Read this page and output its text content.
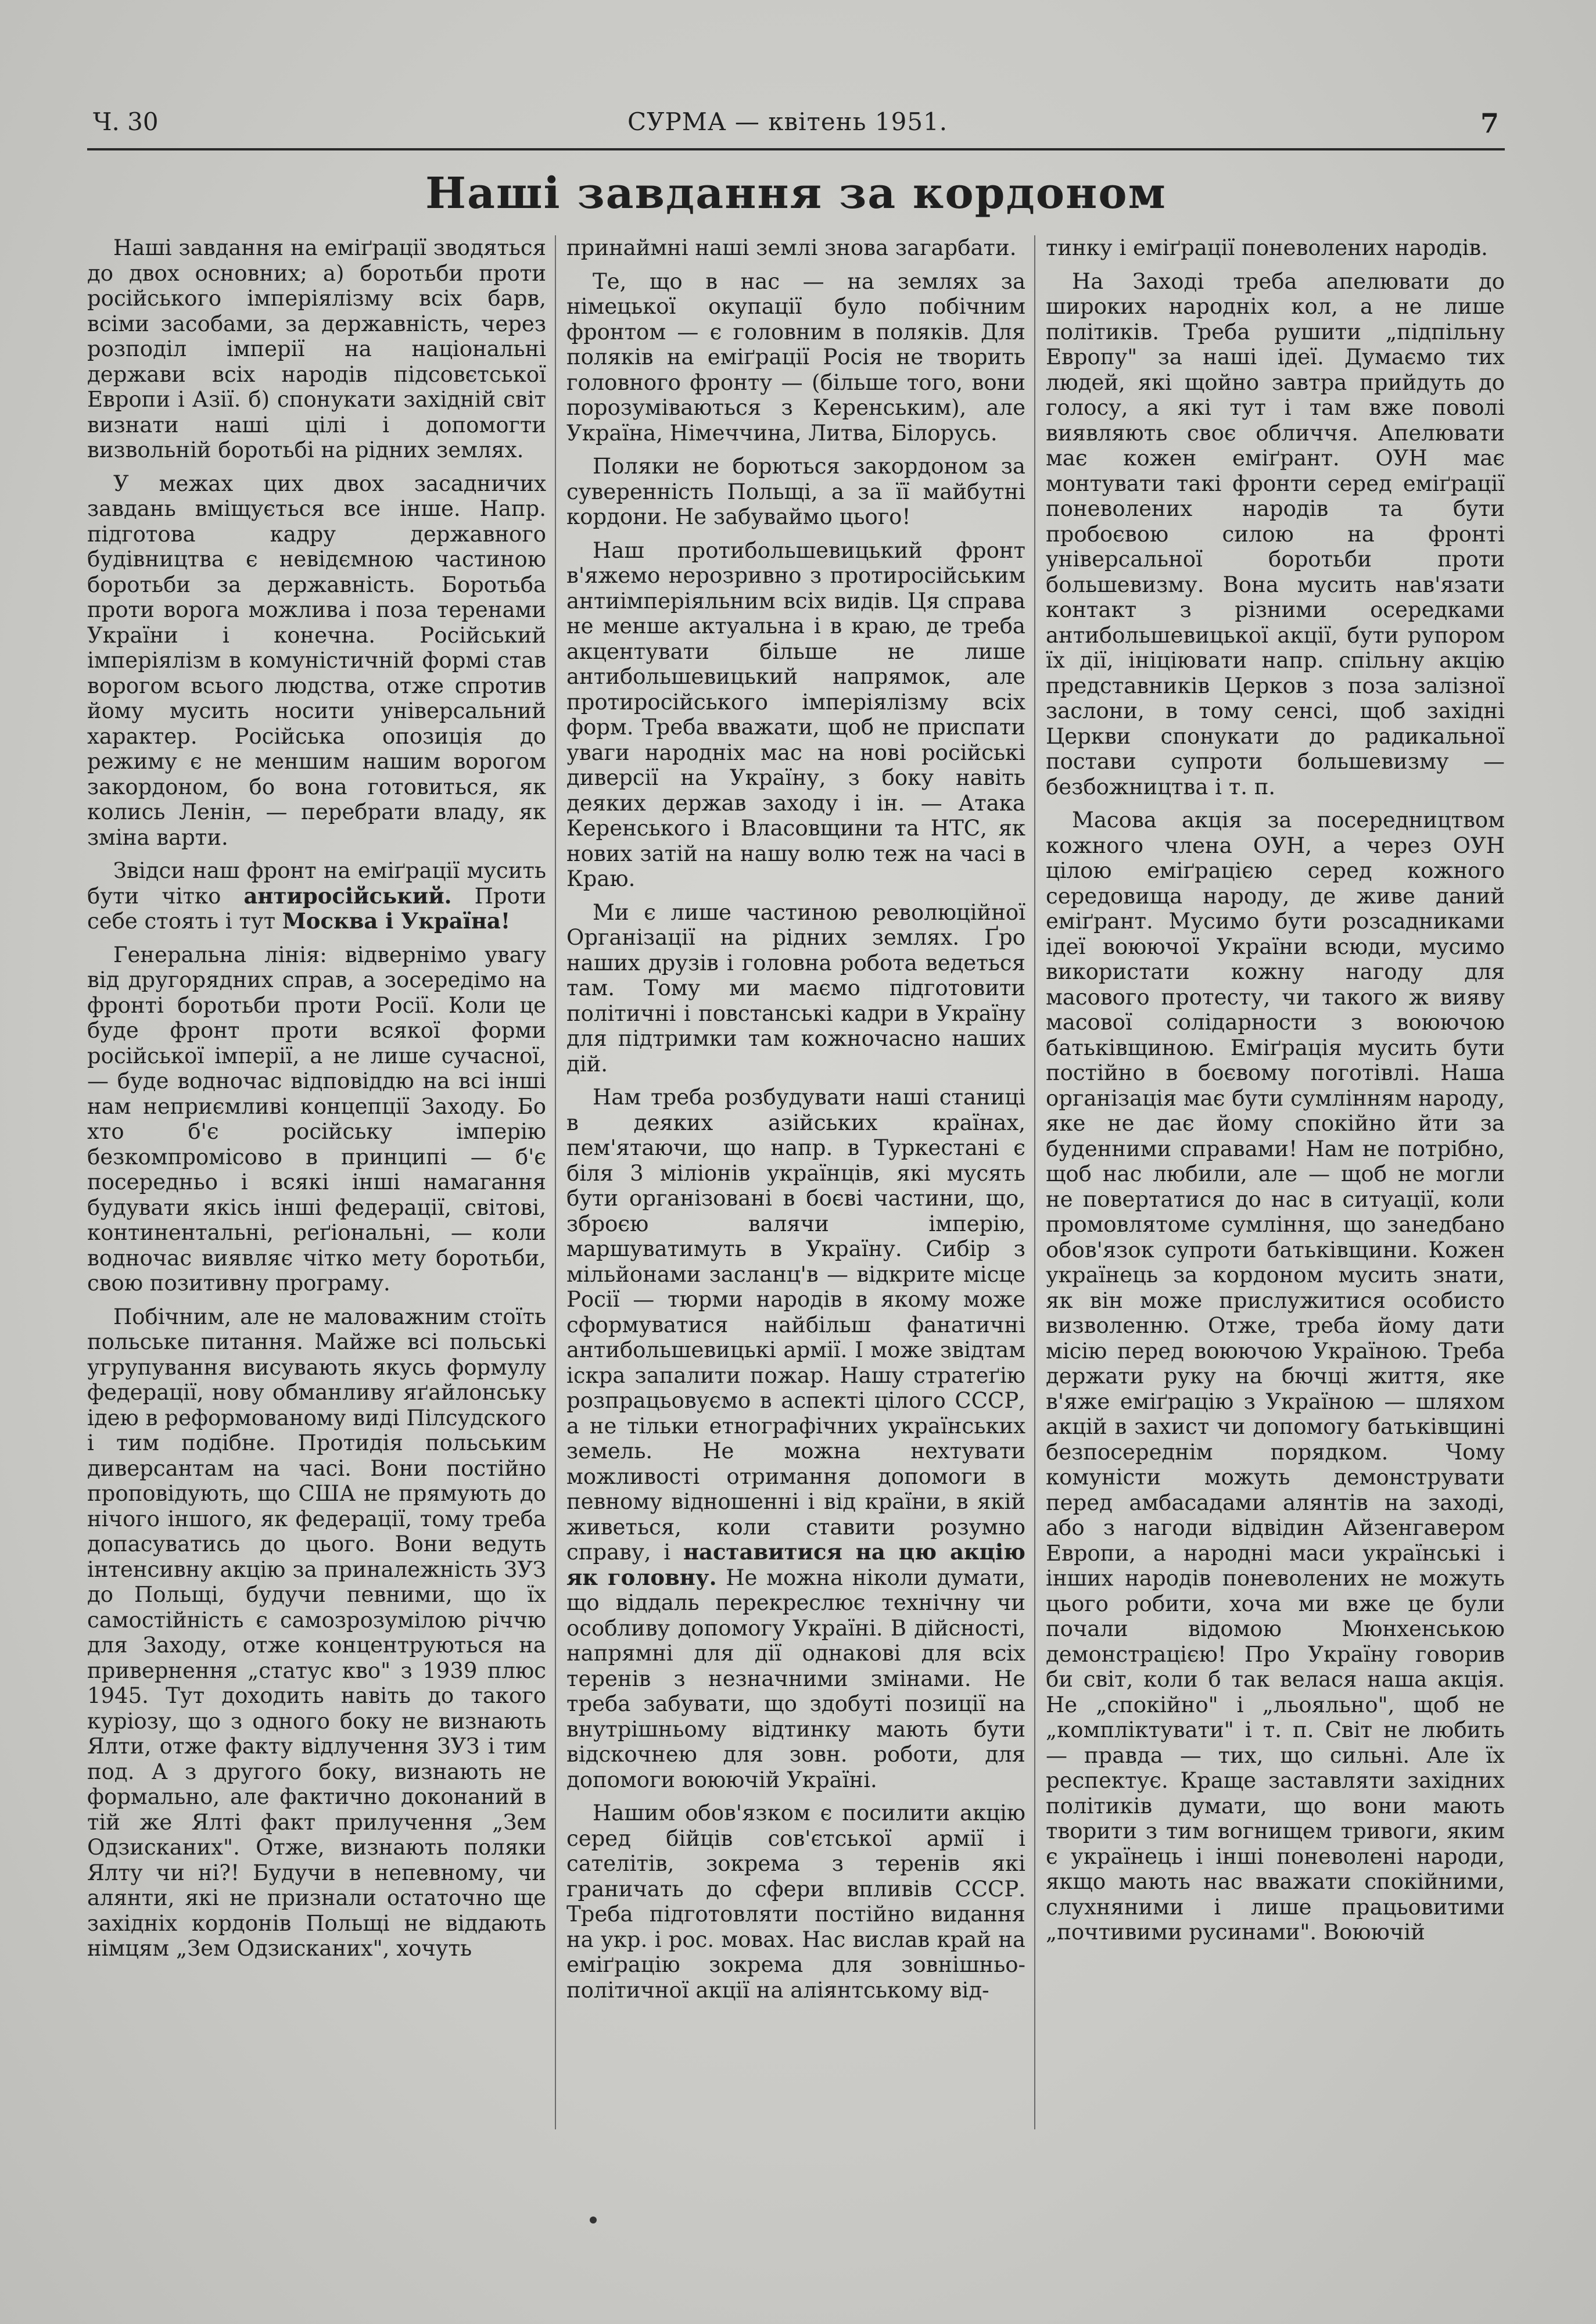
Ч. 30	СУРМА — квітень 1951.	7
Наші завдання за кордоном

Наші завдання на еміґрації зводяться до двох основних; а) боротьби проти російського імперіялізму всіх барв, всіми засобами, за державність, через розподіл імперії на національні держави всіх народів підсовєтської Европи і Азії. б) спонукати західній світ визнати наші цілі і допомогти визвольній боротьбі на рідних землях.

У межах цих двох засадничих завдань вміщується все інше. Напр. підготова кадру державного будівництва є невідємною частиною боротьби за державність. Боротьба проти ворога можлива і поза теренами України і конечна. Російський імперіялізм в комуністичній формі став ворогом всього людства, отже спротив йому мусить носити універсальний характер. Російська опозиція до режиму є не меншим нашим ворогом закордоном, бо вона готовиться, як колись Ленін, — перебрати владу, як зміна варти.

Звідси наш фронт на еміґрації мусить бути чітко антиросійський. Проти себе стоять і тут Москва і Україна!

Генеральна лінія: відвернімо увагу від другорядних справ, а зосередімо на фронті боротьби проти Росії. Коли це буде фронт проти всякої форми російської імперії, а не лише сучасної, — буде водночас відповіддю на всі інші нам неприємливі концепції Заходу. Бо хто б'є російську імперію безкомпромісово в принципі — б'є посередньо і всякі інші намагання будувати якісь інші федерації, світові, континентальні, реґіональні, — коли водночас виявляє чітко мету боротьби, свою позитивну програму.

Побічним, але не маловажним стоїть польське питання. Майже всі польські угрупування висувають якусь формулу федерації, нову обманливу яґайлонську ідею в реформованому виді Пілсудского і тим подібне. Протидія польським диверсантам на часі. Вони постійно проповідують, що США не прямують до нічого іншого, як федерації, тому треба допасуватись до цього. Вони ведуть інтенсивну акцію за приналежність ЗУЗ до Польщі, будучи певними, що їх самостійність є самозрозумілою річчю для Заходу, отже концентруються на привернення „статус кво" з 1939 плюс 1945. Тут доходить навіть до такого куріозу, що з одного боку не визнають Ялти, отже факту відлучення ЗУЗ і тим под. А з другого боку, визнають не формально, але фактично доконаний в тій же Ялті факт прилучення „Зем Одзисканих". Отже, визнають поляки Ялту чи ні?! Будучи в непевному, чи алянти, які не признали остаточно ще західніх кордонів Польщі не віддають німцям „Зем Одзисканих", хочуть

принаймні наші землі знова загарбати.

Те, що в нас — на землях за німецької окупації було побічним фронтом — є головним в поляків. Для поляків на еміґрації Росія не творить головного фронту — (більше того, вони порозуміваються з Керенським), але Україна, Німеччина, Литва, Білорусь.

Поляки не борються закордоном за суверенність Польщі, а за її майбутні кордони. Не забуваймо цього!

Наш протибольшевицький фронт в'яжемо нерозривно з протиросійським антиімперіяльним всіх видів. Ця справа не менше актуальна і в краю, де треба акцентувати більше не лише антибольшевицький напрямок, але протиросійського імперіялізму всіх форм. Треба вважати, щоб не приспати уваги народніх мас на нові російські диверсії на Україну, з боку навіть деяких держав заходу і ін. — Атака Керенського і Власовщини та НТС, як нових затій на нашу волю теж на часі в Краю.

Ми є лише частиною революційної Організації на рідних землях. Ґро наших друзів і головна робота ведеться там. Тому ми маємо підготовити політичні і повстанські кадри в Україну для підтримки там кожночасно наших дій.

Нам треба розбудувати наші станиці в деяких азійських країнах, пем'ятаючи, що напр. в Туркестані є біля 3 міліонів українців, які мусять бути організовані в боєві частини, що, зброєю валячи імперію, маршуватимуть в Україну. Сибір з мільйонами засланц'в — відкрите місце Росії — тюрми народів в якому може сформуватися найбільш фанатичні антибольшевицькі армії. І може звідтам іскра запалити пожар. Нашу стратеґію розпрацьовуємо в аспекті цілого СССР, а не тільки етнографічних українських земель. Не можна нехтувати можливості отримання допомоги в певному відношенні і від країни, в якій живеться, коли ставити розумно справу, і наставитися на цю акцію як головну. Не можна ніколи думати, що віддаль перекреслює технічну чи особливу допомогу Україні. В дійсності, напрямні для дії однакові для всіх теренів з незначними змінами. Не треба забувати, що здобуті позиції на внутрішньому відтинку мають бути відскочнею для зовн. роботи, для допомоги воюючій Україні.

Нашим обов'язком є посилити акцію серед бійців сов'єтської армії і сателітів, зокрема з теренів які граничать до сфери впливів СССР. Треба підготовляти постійно видання на укр. і рос. мовах. Нас вислав край на еміґрацію зокрема для зовнішньо-політичної акції на аліянтському від-

тинку і еміґрації поневолених народів.

На Заході треба апелювати до широких народніх кол, а не лише політиків. Треба рушити „підпільну Европу" за наші ідеї. Думаємо тих людей, які щойно завтра прийдуть до голосу, а які тут і там вже поволі виявляють своє обличчя. Апелювати має кожен еміґрант. ОУН має монтувати такі фронти серед еміґрації поневолених народів та бути пробоєвою силою на фронті універсальної боротьби проти большевизму. Вона мусить нав'язати контакт з різними осередками антибольшевицької акції, бути рупором їх дії, ініціювати напр. спільну акцію представників Церков з поза залізної заслони, в тому сенсі, щоб західні Церкви спонукати до радикальної постави супроти большевизму — безбожництва і т. п.

Масова акція за посередництвом кожного члена ОУН, а через ОУН цілою еміґрацією серед кожного середовища народу, де живе даний еміґрант. Мусимо бути розсадниками ідеї воюючої України всюди, мусимо використати кожну нагоду для масового протесту, чи такого ж вияву масової солідарности з воюючою батьківщиною. Еміґрація мусить бути постійно в боєвому поготівлі. Наша організація має бути сумлінням народу, яке не дає йому спокійно йти за буденними справами! Нам не потрібно, щоб нас любили, але — щоб не могли не повертатися до нас в ситуації, коли промовлятоме сумління, що занедбано обов'язок супроти батьківщини. Кожен українець за кордоном мусить знати, як він може прислужитися особисто визволенню. Отже, треба йому дати місію перед воюючою Україною. Треба держати руку на бючці життя, яке в'яже еміґрацію з Україною — шляхом акцій в захист чи допомогу батьківщині безпосереднім порядком. Чому комуністи можуть демонструвати перед амбасадами алянтів на заході, або з нагоди відвідин Айзенгавером Европи, а народні маси українські і інших народів поневолених не можуть цього робити, хоча ми вже це були почали відомою Мюнхенською демонстрацією! Про Україну говорив би світ, коли б так велася наша акція. Не „спокійно" і „льояльно", щоб не „компліктувати" і т. п. Світ не любить — правда — тих, що сильні. Але їх респектує. Краще заставляти західних політиків думати, що вони мають творити з тим вогнищем тривоги, яким є українець і інші поневолені народи, якщо мають нас вважати спокійними, слухняними і лише працьовитими „почтивими русинами". Воюючій
